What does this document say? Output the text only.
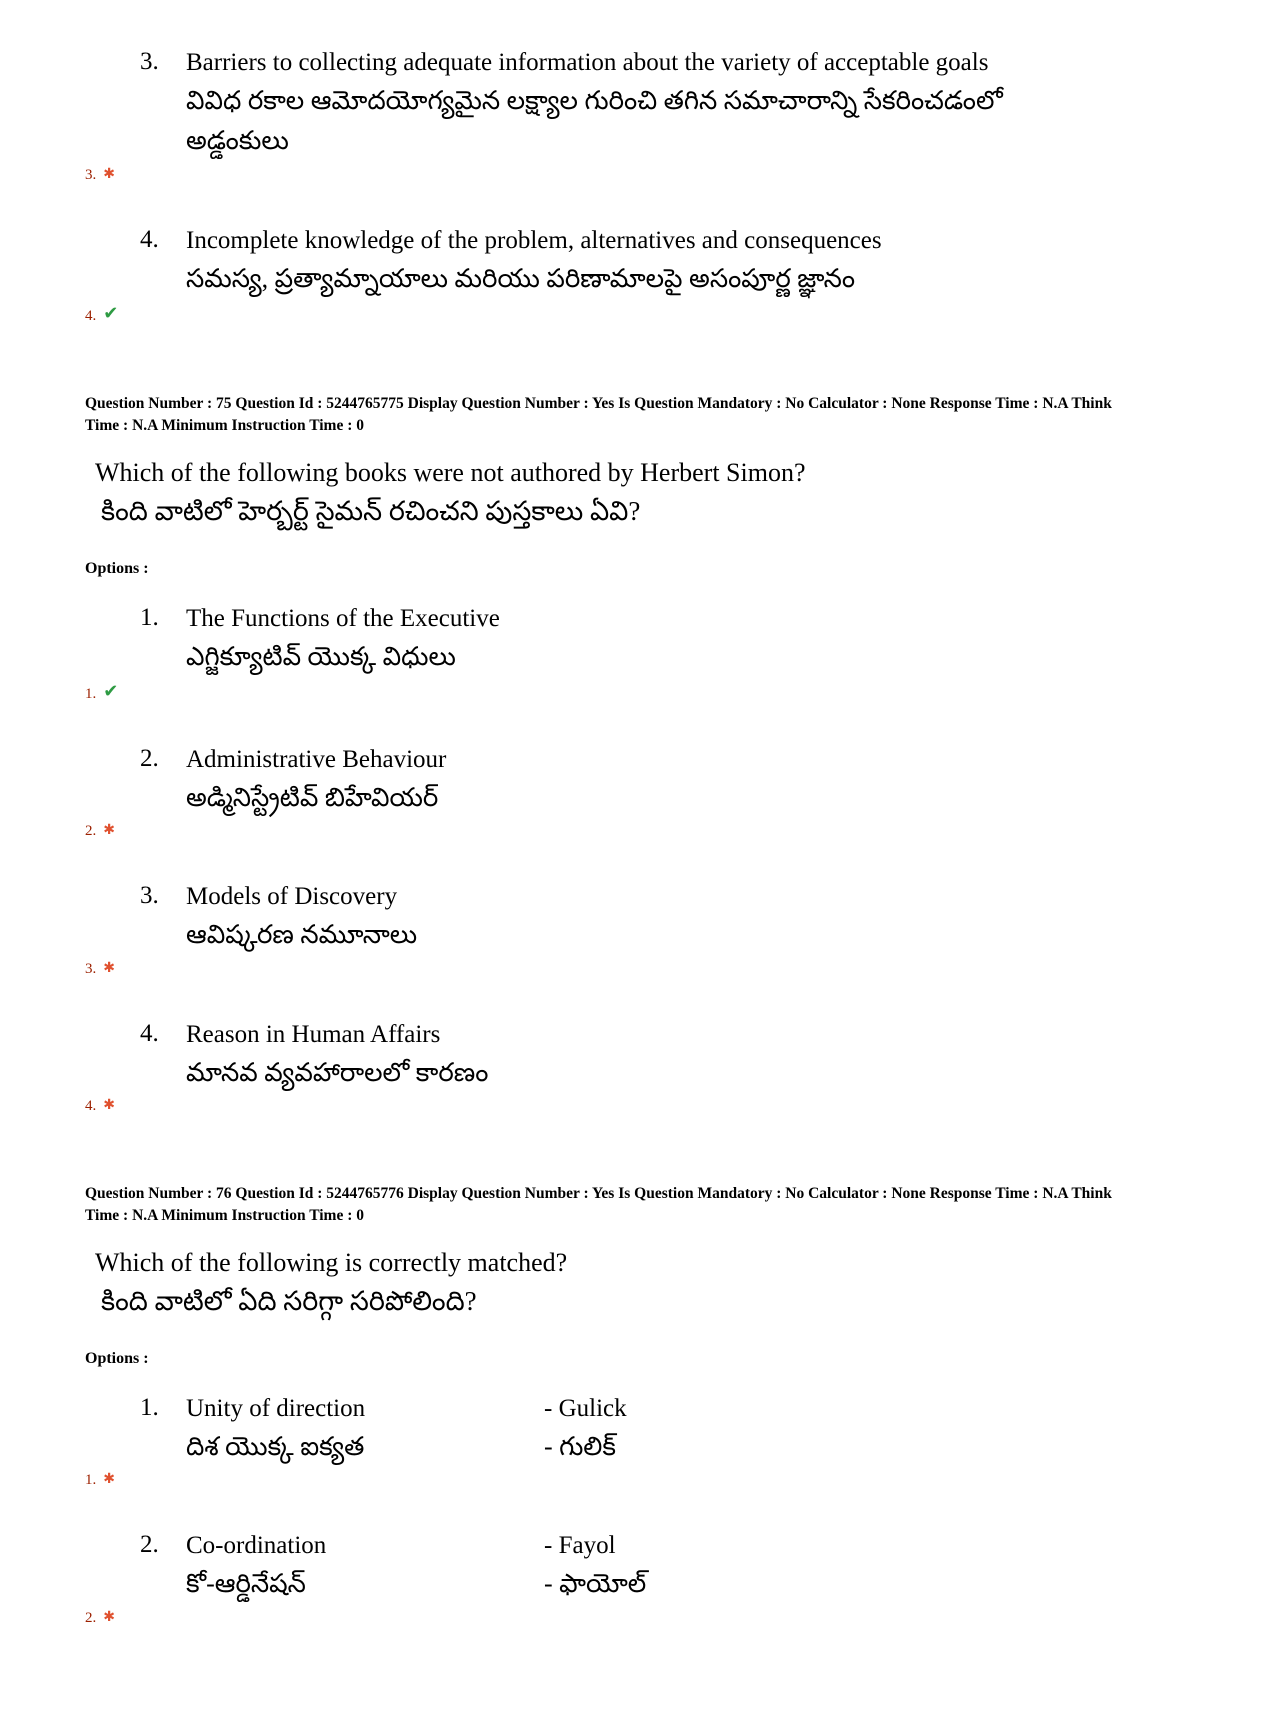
3.	Barriers to collecting adequate information about the variety of acceptable goals
వివిధ రకాల ఆమోదయోగ్యమైన లక్ష్యాల గురించి తగిన సమాచారాన్ని సేకరించడంలో అడ్డంకులు
3. ✱
4.	Incomplete knowledge of the problem, alternatives and consequences
సమస్య, ప్రత్యామ్నాయాలు మరియు పరిణామాలపై అసంపూర్ణ జ్ఞానం
4. ✔

Question Number : 75 Question Id : 5244765775 Display Question Number : Yes Is Question Mandatory : No Calculator : None Response Time : N.A Think Time : N.A Minimum Instruction Time : 0

Which of the following books were not authored by Herbert Simon?
కింది వాటిలో హెర్బర్ట్ సైమన్ రచించని పుస్తకాలు ఏవి?
Options :
1.	The Functions of the Executive
ఎగ్జిక్యూటివ్ యొక్క విధులు
1. ✔
2.	Administrative Behaviour
అడ్మినిస్ట్రేటివ్ బిహేవియర్
2. ✱
3.	Models of Discovery
ఆవిష్కరణ నమూనాలు
3. ✱
4.	Reason in Human Affairs
మానవ వ్యవహారాలలో కారణం
4. ✱

Question Number : 76 Question Id : 5244765776 Display Question Number : Yes Is Question Mandatory : No Calculator : None Response Time : N.A Think Time : N.A Minimum Instruction Time : 0

Which of the following is correctly matched?
కింది వాటిలో ఏది సరిగ్గా సరిపోలింది?
Options :
1.	Unity of direction	- Gulick
దిశ యొక్క ఐక్యత	- గులిక్
1. ✱
2.	Co-ordination	- Fayol
కో-ఆర్డినేషన్	- ఫాయోల్
2. ✱
